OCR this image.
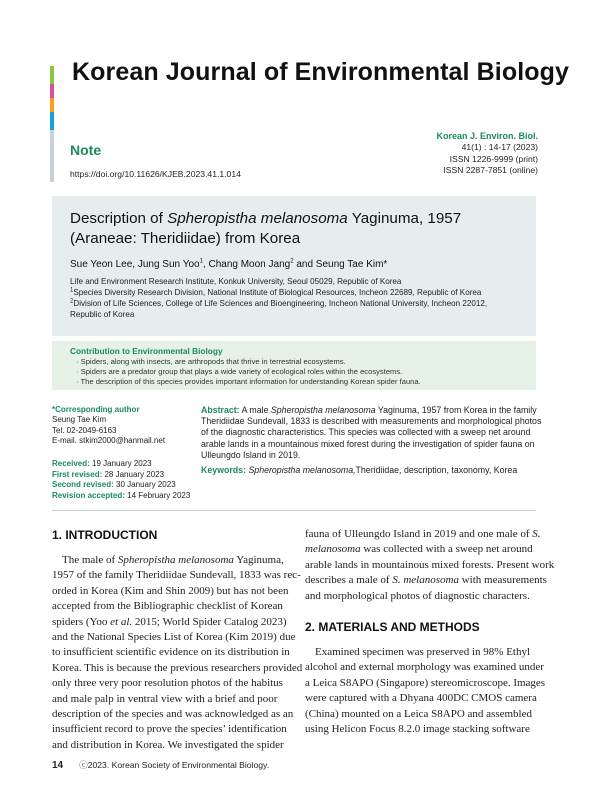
Korean Journal of Environmental Biology
Note
https://doi.org/10.11626/KJEB.2023.41.1.014
Korean J. Environ. Biol.
41(1) : 14-17 (2023)
ISSN 1226-9999 (print)
ISSN 2287-7851 (online)
Description of Spheropistha melanosoma Yaginuma, 1957
(Araneae: Theridiidae) from Korea
Sue Yeon Lee, Jung Sun Yoo$^1$, Chang Moon Jang$^2$ and Seung Tae Kim*
Life and Environment Research Institute, Konkuk University, Seoul 05029, Republic of Korea
$^1$Species Diversity Research Division, National Institute of Biological Resources, Incheon 22689, Republic of Korea
$^2$Division of Life Sciences, College of Life Sciences and Bioengineering, Incheon National University, Incheon 22012,
Republic of Korea
Contribution to Environmental Biology
· Spiders, along with insects, are arthropods that thrive in terrestrial ecosystems.
· Spiders are a predator group that plays a wide variety of ecological roles within the ecosystems.
· The description of this species provides important information for understanding Korean spider fauna.
*Corresponding author
Seung Tae Kim
Tel. 02-2049-6163
E-mail. stkim2000@hanmail.net
Received: 19 January 2023
First revised: 28 January 2023
Second revised: 30 January 2023
Revision accepted: 14 February 2023
Abstract: A male Spheropistha melanosoma Yaginuma, 1957 from Korea in the family
Theridiidae Sundevall, 1833 is described with measurements and morphological photos
of the diagnostic characteristics. This species was collected with a sweep net around
arable lands in a mountainous mixed forest during the investigation of spider fauna on
Ulleungdo Island in 2019.
Keywords: Spheropistha melanosoma,Theridiidae, description, taxonomy, Korea
1. INTRODUCTION
The male of Spheropistha melanosoma Yaginuma,
1957 of the family Theridiidae Sundevall, 1833 was rec-
orded in Korea (Kim and Shin 2009) but has not been
accepted from the Bibliographic checklist of Korean
spiders (Yoo et al. 2015; World Spider Catalog 2023)
and the National Species List of Korea (Kim 2019) due
to insufficient scientific evidence on its distribution in
Korea. This is because the previous researchers provided
only three very poor resolution photos of the habitus
and male palp in ventral view with a brief and poor
description of the species and was acknowledged as an
insufficient record to prove the species’ identification
and distribution in Korea. We investigated the spider
fauna of Ulleungdo Island in 2019 and one male of S.
melanosoma was collected with a sweep net around
arable lands in mountainous mixed forests. Present work
describes a male of S. melanosoma with measurements
and morphological photos of diagnostic characters.
2. MATERIALS AND METHODS
Examined specimen was preserved in 98% Ethyl
alcohol and external morphology was examined under
a Leica S8APO (Singapore) stereomicroscope. Images
were captured with a Dhyana 400DC CMOS camera
(China) mounted on a Leica S8APO and assembled
using Helicon Focus 8.2.0 image stacking software
14 ⓒ2023. Korean Society of Environmental Biology.
